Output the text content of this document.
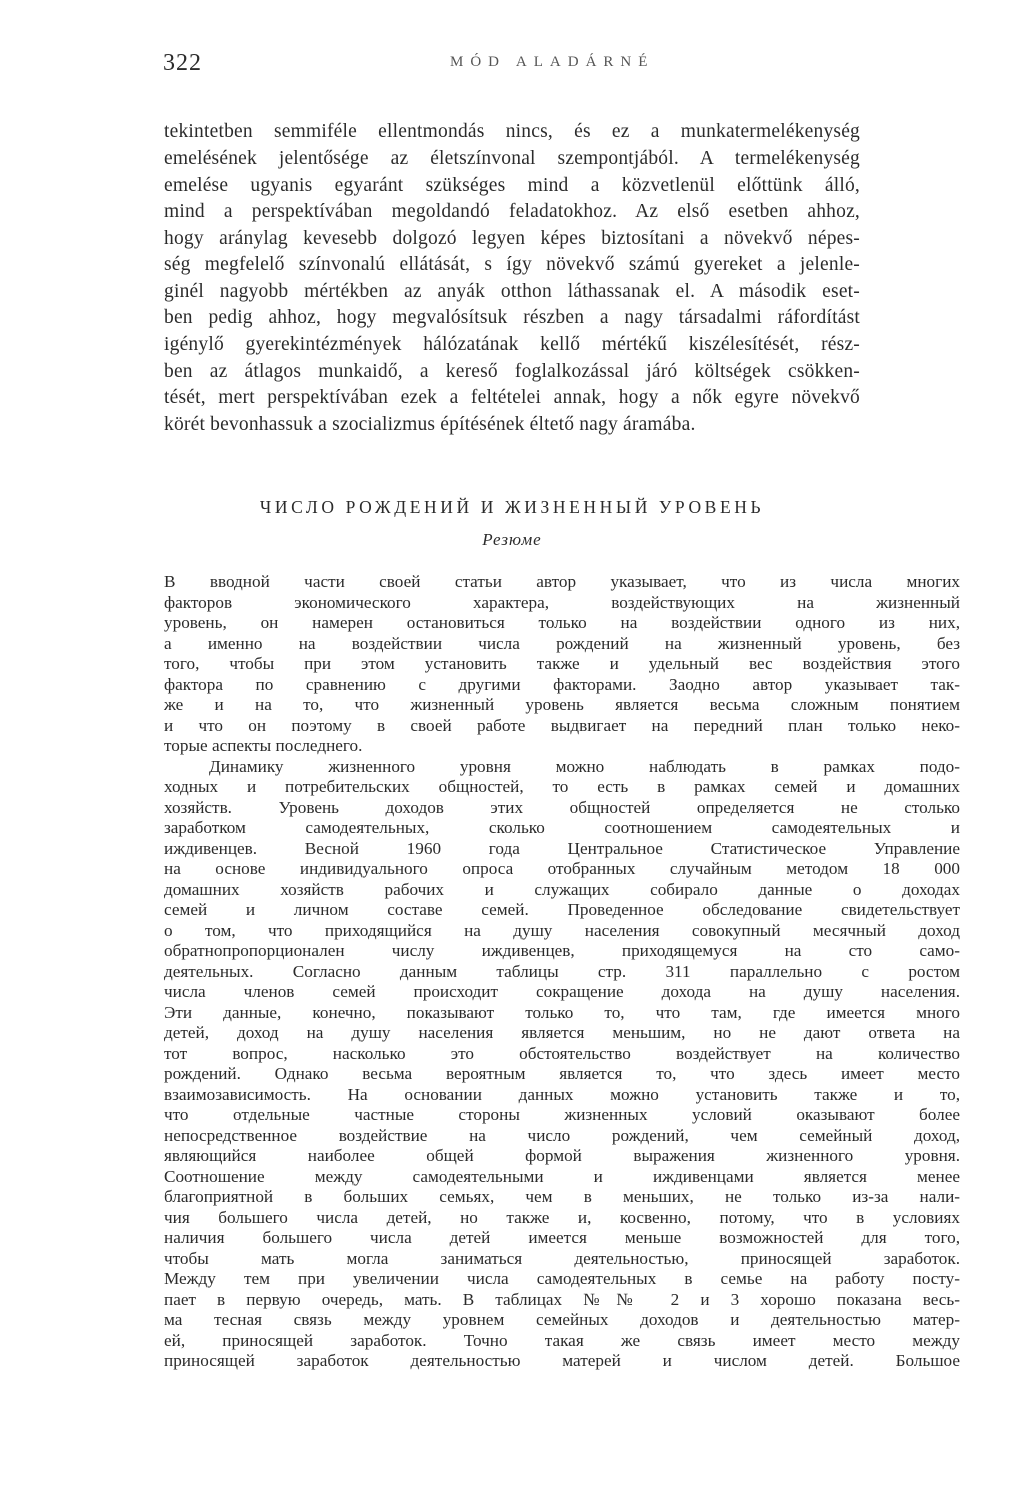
322	MÓD ALADÁRNÉ
tekintetben semmiféle ellentmondás nincs, és ez a munkatermelékenység
emelésének jelentősége az életszínvonal szempontjából. A termelékenység
emelése ugyanis egyaránt szükséges mind a közvetlenül előttünk álló,
mind a perspektívában megoldandó feladatokhoz. Az első esetben ahhoz,
hogy aránylag kevesebb dolgozó legyen képes biztosítani a növekvő népes-
ség megfelelő színvonalú ellátását, s így növekvő számú gyereket a jelenle-
ginél nagyobb mértékben az anyák otthon láthassanak el. A második eset-
ben pedig ahhoz, hogy megvalósítsuk részben a nagy társadalmi ráfordítást
igénylő gyerekintézmények hálózatának kellő mértékű kiszélesítését, rész-
ben az átlagos munkaidő, a kereső foglalkozással járó költségek csökken-
tését, mert perspektívában ezek a feltételei annak, hogy a nők egyre növekvő
körét bevonhassuk a szocializmus építésének éltető nagy áramába.
ЧИСЛО РОЖДЕНИЙ И ЖИЗНЕННЫЙ УРОВЕНЬ
Резюме
В вводной части своей статьи автор указывает, что из числа многих
факторов экономического характера, воздействующих на жизненный
уровень, он намерен остановиться только на воздействии одного из них,
а именно на воздействии числа рождений на жизненный уровень, без
того, чтобы при этом установить также и удельный вес воздействия этого
фактора по сравнению с другими факторами. Заодно автор указывает так-
же и на то, что жизненный уровень является весьма сложным понятием
и что он поэтому в своей работе выдвигает на передний план только неко-
торые аспекты последнего.
Динамику жизненного уровня можно наблюдать в рамках подо-
ходных и потребительских общностей, то есть в рамках семей и домашних
хозяйств. Уровень доходов этих общностей определяется не столько
заработком самодеятельных, сколько соотношением самодеятельных и
иждивенцев. Весной 1960 года Центральное Статистическое Управление
на основе индивидуального опроса отобранных случайным методом 18 000
домашних хозяйств рабочих и служащих собирало данные о доходах
семей и личном составе семей. Проведенное обследование свидетельствует
о том, что приходящийся на душу населения совокупный месячный доход
обратнопропорционален числу иждивенцев, приходящемуся на сто само-
деятельных. Согласно данным таблицы стр. 311 параллельно с ростом
числа членов семей происходит сокращение дохода на душу населения.
Эти данные, конечно, показывают только то, что там, где имеется много
детей, доход на душу населения является меньшим, но не дают ответа на
тот вопрос, насколько это обстоятельство воздействует на количество
рождений. Однако весьма вероятным является то, что здесь имеет место
взаимозависимость. На основании данных можно установить также и то,
что отдельные частные стороны жизненных условий оказывают более
непосредственное воздействие на число рождений, чем семейный доход,
являющийся наиболее общей формой выражения жизненного уровня.
Соотношение между самодеятельными и иждивенцами является менее
благоприятной в больших семьях, чем в меньших, не только из-за нали-
чия большего числа детей, но также и, косвенно, потому, что в условиях
наличия большего числа детей имеется меньше возможностей для того,
чтобы мать могла заниматься деятельностью, приносящей заработок.
Между тем при увеличении числа самодеятельных в семье на работу посту-
пает в первую очередь, мать. В таблицах №№ 2 и 3 хорошо показана весь-
ма тесная связь между уровнем семейных доходов и деятельностью матер-
ей, приносящей заработок. Точно такая же связь имеет место между
приносящей заработок деятельностью матерей и числом детей. Большое
